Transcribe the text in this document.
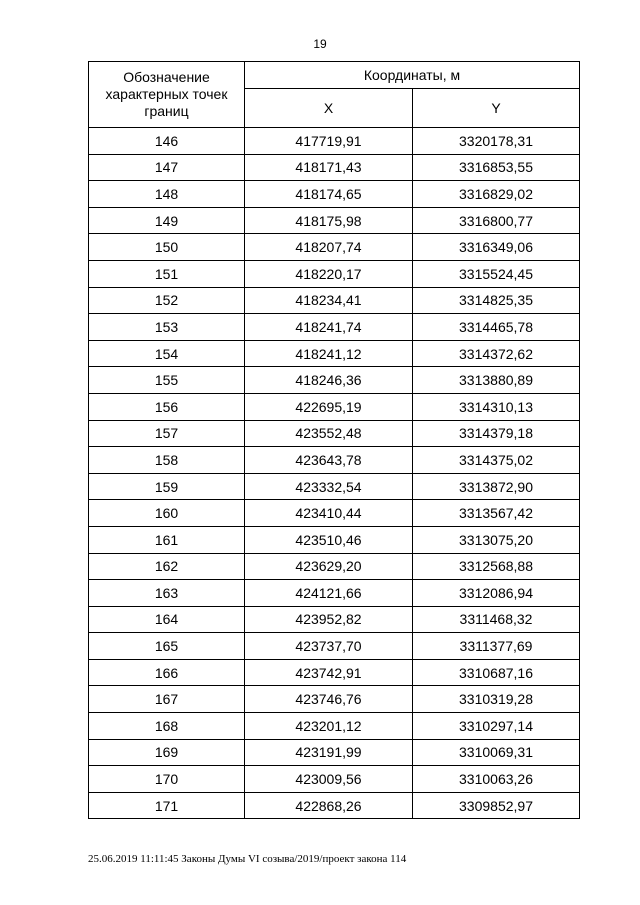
19
Обозначение характерных точек границ	Координаты, м	
	X	Y
146	417719,91	3320178,31
147	418171,43	3316853,55
148	418174,65	3316829,02
149	418175,98	3316800,77
150	418207,74	3316349,06
151	418220,17	3315524,45
152	418234,41	3314825,35
153	418241,74	3314465,78
154	418241,12	3314372,62
155	418246,36	3313880,89
156	422695,19	3314310,13
157	423552,48	3314379,18
158	423643,78	3314375,02
159	423332,54	3313872,90
160	423410,44	3313567,42
161	423510,46	3313075,20
162	423629,20	3312568,88
163	424121,66	3312086,94
164	423952,82	3311468,32
165	423737,70	3311377,69
166	423742,91	3310687,16
167	423746,76	3310319,28
168	423201,12	3310297,14
169	423191,99	3310069,31
170	423009,56	3310063,26
171	422868,26	3309852,97
25.06.2019 11:11:45 Законы Думы VI созыва/2019/проект закона 114
